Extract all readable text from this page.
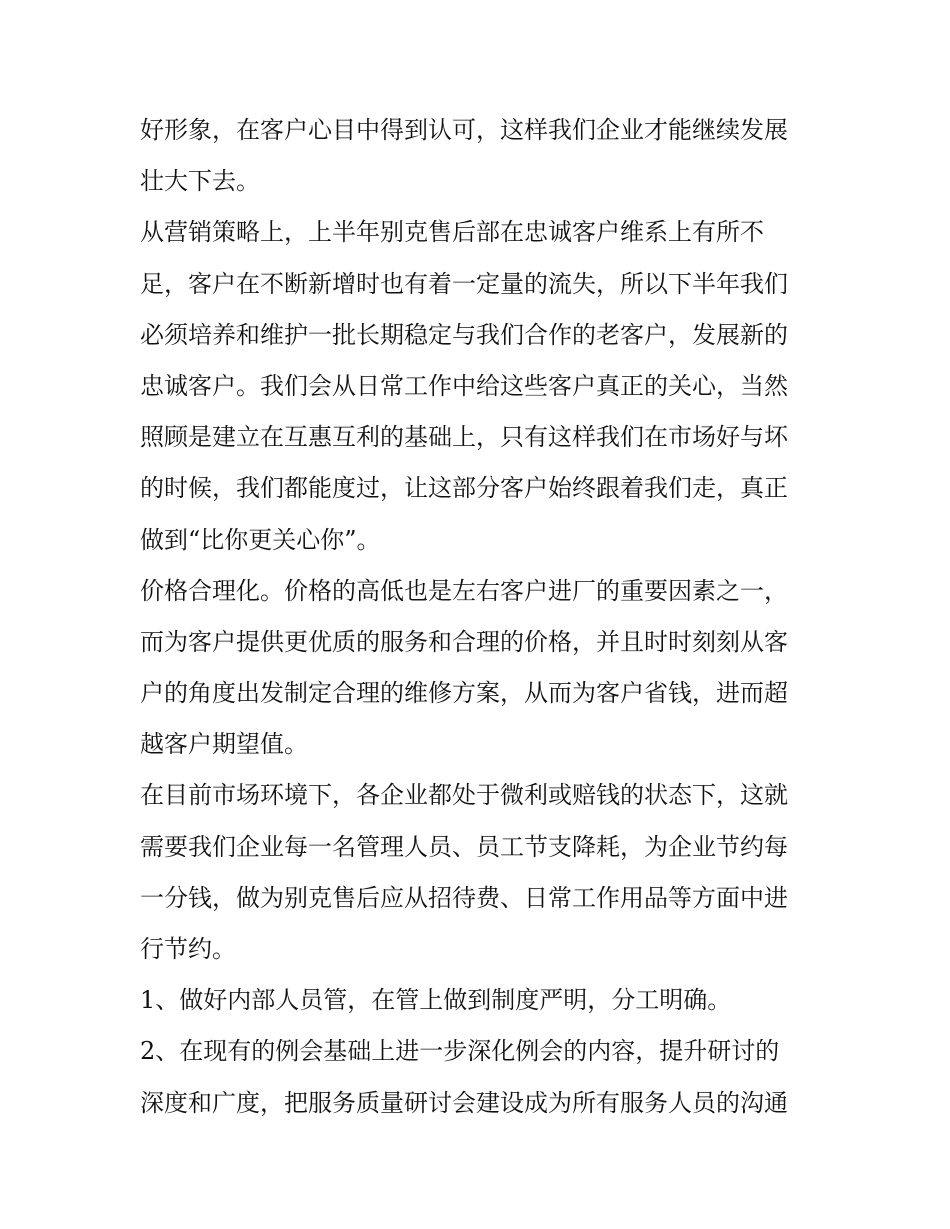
好形象，在客户心目中得到认可，这样我们企业才能继续发展
壮大下去。
从营销策略上，上半年别克售后部在忠诚客户维系上有所不
足，客户在不断新增时也有着一定量的流失，所以下半年我们
必须培养和维护一批长期稳定与我们合作的老客户，发展新的
忠诚客户。我们会从日常工作中给这些客户真正的关心，当然
照顾是建立在互惠互利的基础上，只有这样我们在市场好与坏
的时候，我们都能度过，让这部分客户始终跟着我们走，真正
做到“比你更关心你”。
价格合理化。价格的高低也是左右客户进厂的重要因素之一，
而为客户提供更优质的服务和合理的价格，并且时时刻刻从客
户的角度出发制定合理的维修方案，从而为客户省钱，进而超
越客户期望值。
在目前市场环境下，各企业都处于微利或赔钱的状态下，这就
需要我们企业每一名管理人员、员工节支降耗，为企业节约每
一分钱，做为别克售后应从招待费、日常工作用品等方面中进
行节约。
1、做好内部人员管，在管上做到制度严明，分工明确。
2、在现有的例会基础上进一步深化例会的内容，提升研讨的
深度和广度，把服务质量研讨会建设成为所有服务人员的沟通
